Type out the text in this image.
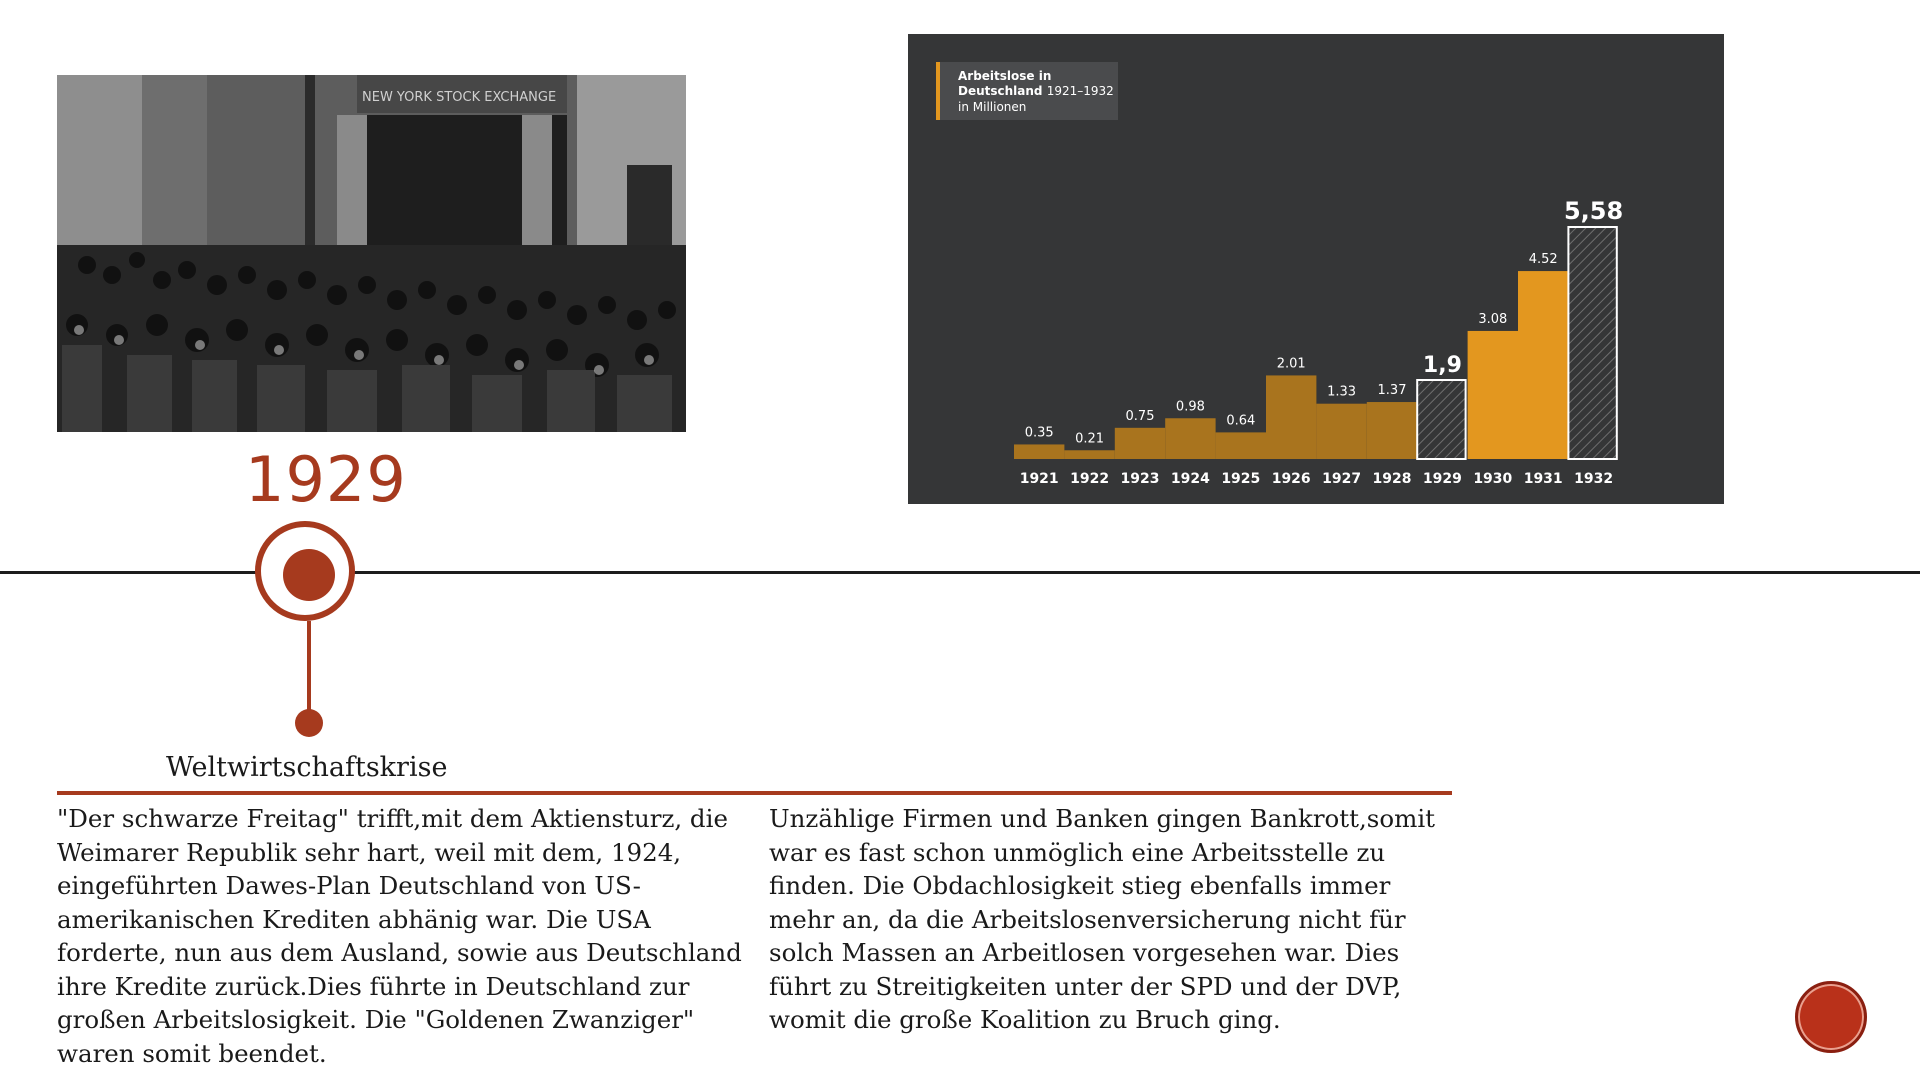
NEW YORK STOCK EXCHANGE
1929
Weltwirtschaftskrise
"Der schwarze Freitag" trifft,mit dem Aktiensturz, die Weimarer Republik sehr hart, weil mit dem, 1924, eingeführten Dawes-Plan Deutschland von US-amerikanischen Krediten abhänig war. Die USA forderte, nun aus dem Ausland, sowie aus Deutschland ihre Kredite zurück.Dies führte in Deutschland zur großen Arbeitslosigkeit. Die "Goldenen Zwanziger" waren somit beendet.
Unzählige Firmen und Banken gingen Bankrott,somit war es fast schon unmöglich eine Arbeitsstelle zu finden. Die Obdachlosigkeit stieg ebenfalls immer mehr an, da die Arbeitslosenversicherung nicht für solch Massen an Arbeitlosen vorgesehen war. Dies führt zu Streitigkeiten unter der SPD und der DVP, womit die große Koalition zu Bruch ging.
Arbeitslose in
Deutschland 1921–1932
in Millionen
0.35
1921
0.21
1922
0.75
1923
0.98
1924
0.64
1925
2.01
1926
1.33
1927
1.37
1928
1,9
1929
3.08
1930
4.52
1931
5,58
1932
